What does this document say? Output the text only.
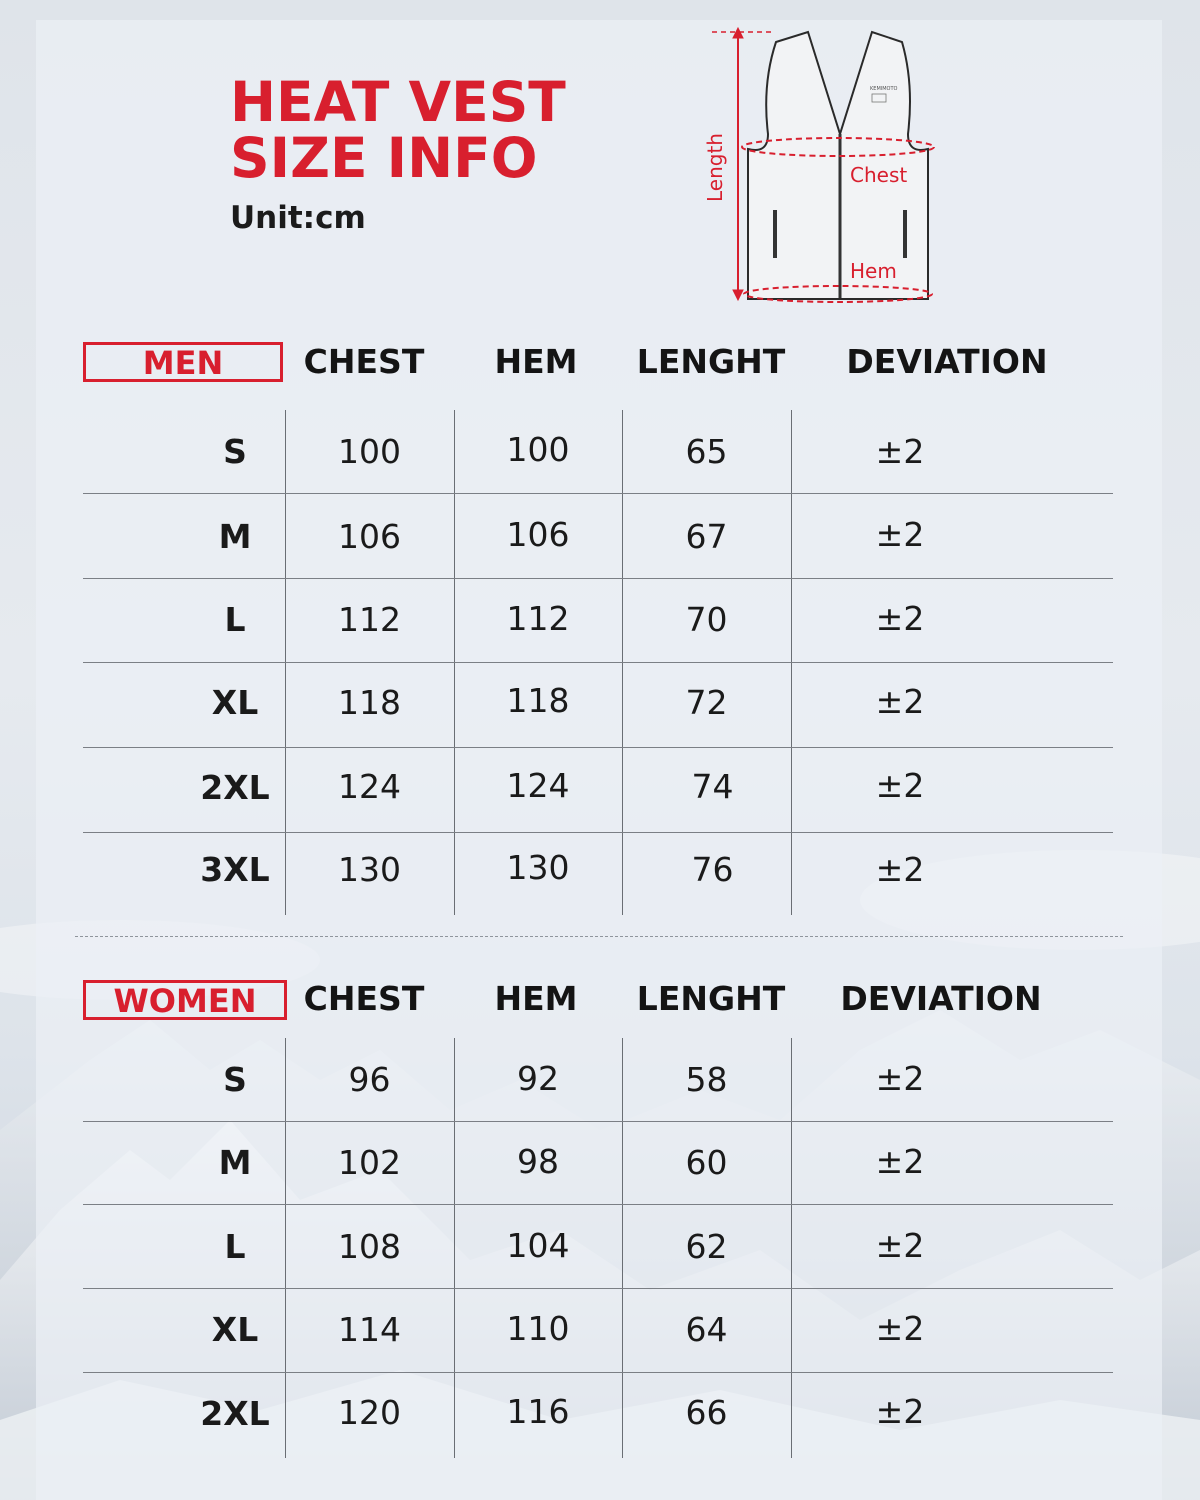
HEAT VEST
SIZE INFO
Unit:cm
KEMIMOTO
Length	Chest
Hem
MEN	CHEST	HEM	LENGHT	DEVIATION
S	100	100	65	±2
M	106	106	67	±2
L	112	112	70	±2
XL	118	118	72	±2
2XL	124	124	74	±2
3XL	130	130	76	±2
WOMEN	CHEST	HEM	LENGHT	DEVIATION
S	96	92	58	±2
M	102	98	60	±2
L	108	104	62	±2
XL	114	110	64	±2
2XL	120	116	66	±2
